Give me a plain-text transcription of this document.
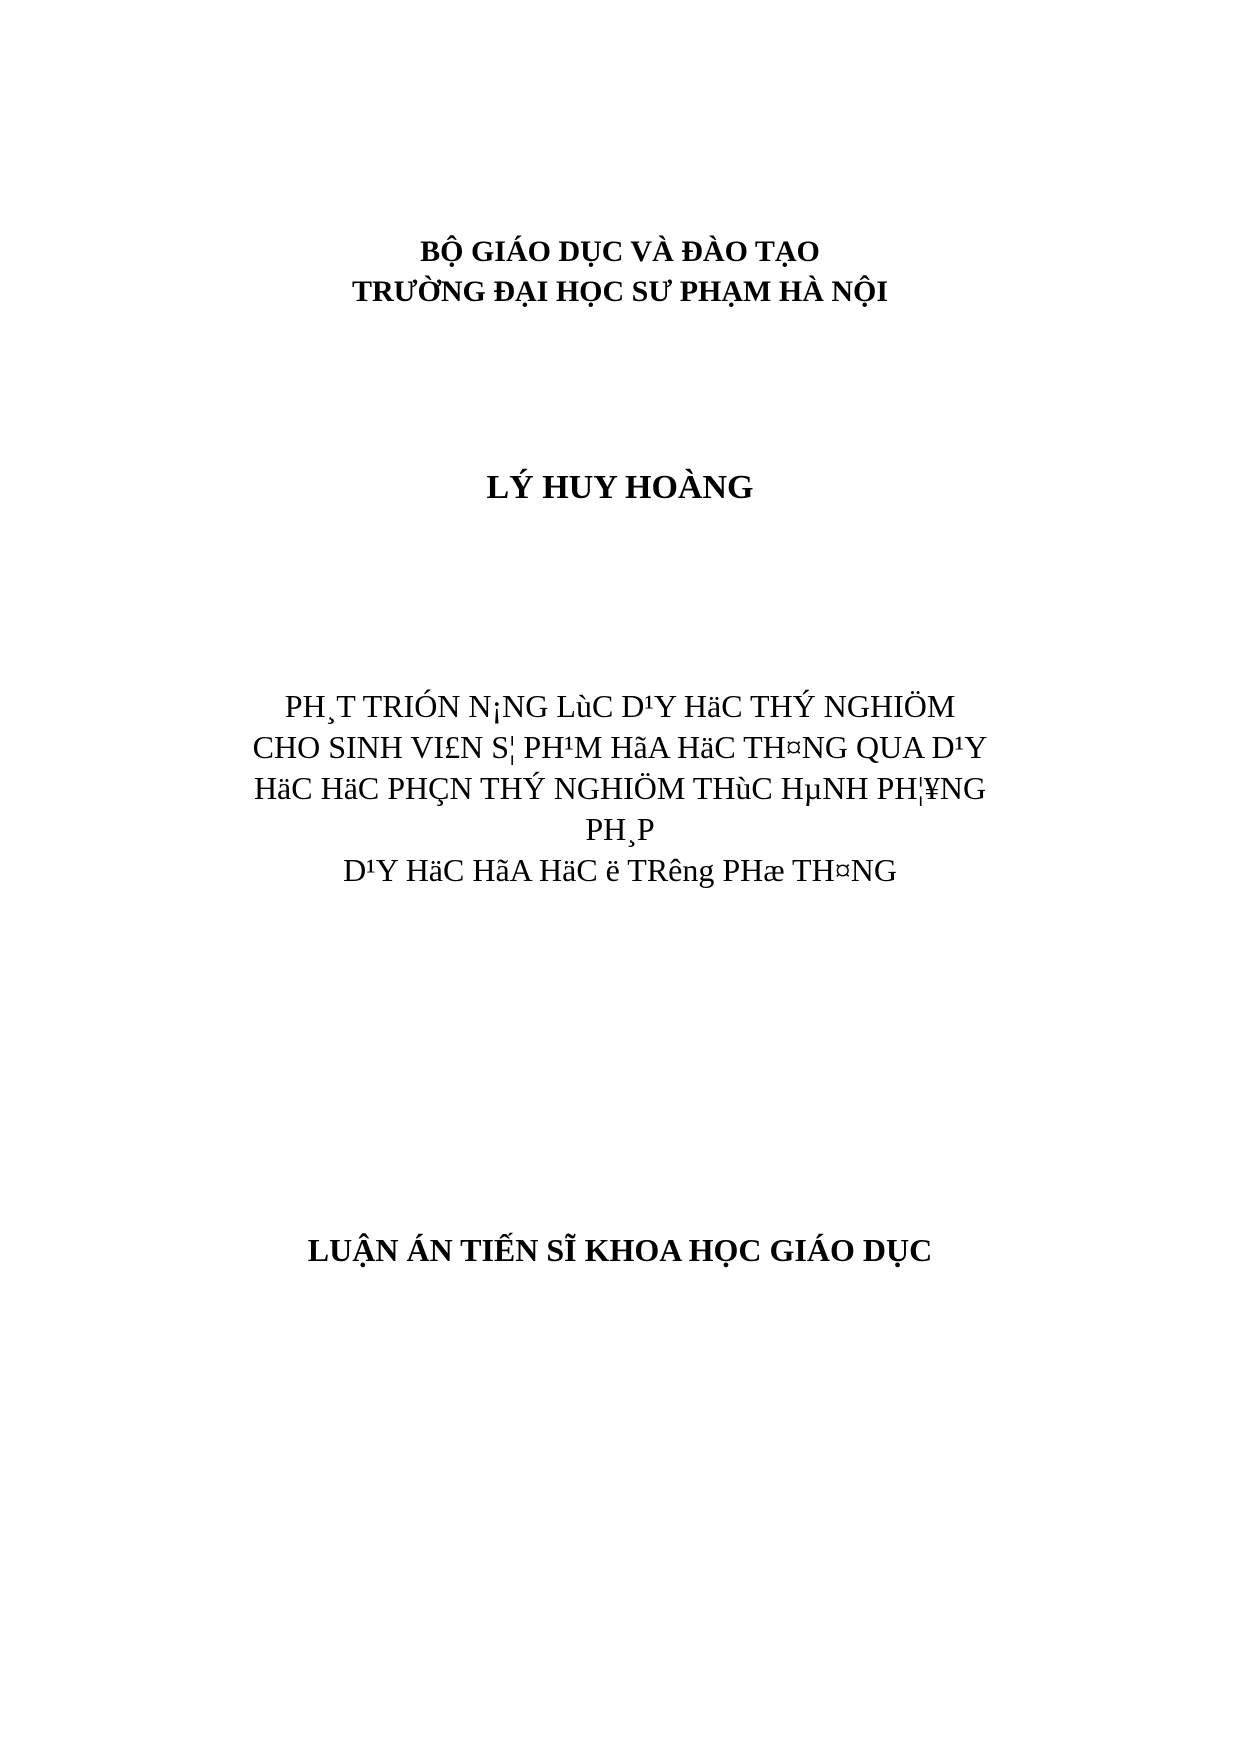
BỘ GIÁO DỤC VÀ ĐÀO TẠO
TRƯỜNG ĐẠI HỌC SƯ PHẠM HÀ NỘI
LÝ HUY HOÀNG
PH¸T TRIÓN N¡NG LùC D¹Y HäC THÝ NGHIÖM
CHO SINH VI£N S¦ PH¹M HãA HäC TH¤NG QUA D¹Y
HäC HäC PHÇN THÝ NGHIÖM THùC HµNH PH¦¥NG
PH¸P
D¹Y HäC HãA HäC ë TRêng PHæ TH¤NG
LUẬN ÁN TIẾN SĨ KHOA HỌC GIÁO DỤC
